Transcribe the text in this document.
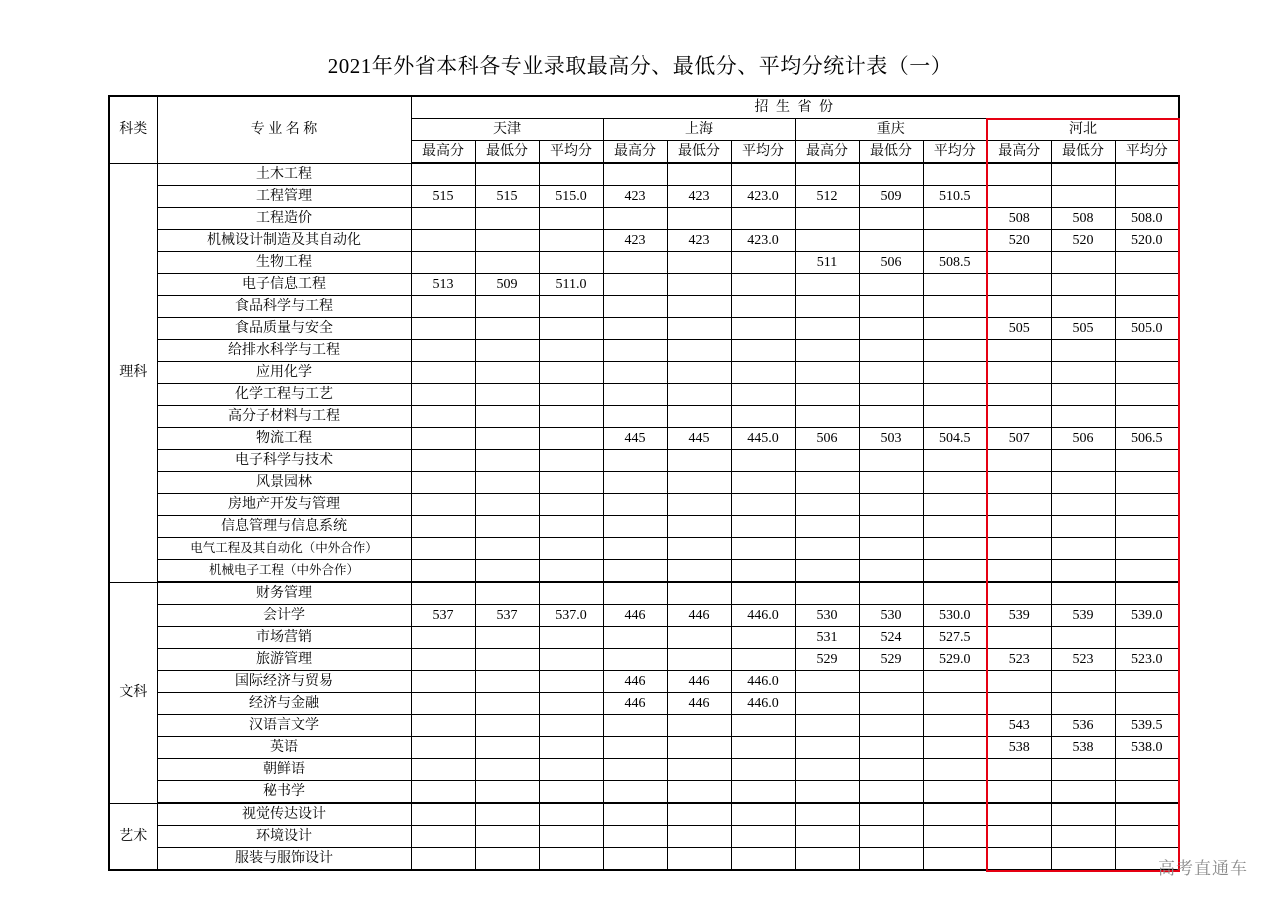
2021年外省本科各专业录取最高分、最低分、平均分统计表（一）
科类	专 业 名 称	招 生 省 份											
		天津			上海			重庆			河北		
		最高分	最低分	平均分	最高分	最低分	平均分	最高分	最低分	平均分	最高分	最低分	平均分
理科	土木工程												
	工程管理	515	515	515.0	423	423	423.0	512	509	510.5			
	工程造价										508	508	508.0
	机械设计制造及其自动化				423	423	423.0				520	520	520.0
	生物工程							511	506	508.5			
	电子信息工程	513	509	511.0									
	食品科学与工程												
	食品质量与安全										505	505	505.0
	给排水科学与工程												
	应用化学												
	化学工程与工艺												
	高分子材料与工程												
	物流工程				445	445	445.0	506	503	504.5	507	506	506.5
	电子科学与技术												
	风景园林												
	房地产开发与管理												
	信息管理与信息系统												
	电气工程及其自动化（中外合作）												
	机械电子工程（中外合作）												
文科	财务管理												
	会计学	537	537	537.0	446	446	446.0	530	530	530.0	539	539	539.0
	市场营销							531	524	527.5			
	旅游管理							529	529	529.0	523	523	523.0
	国际经济与贸易				446	446	446.0						
	经济与金融				446	446	446.0						
	汉语言文学										543	536	539.5
	英语										538	538	538.0
	朝鲜语												
	秘书学												
艺术	视觉传达设计												
	环境设计												
	服装与服饰设计												
高考直通车
